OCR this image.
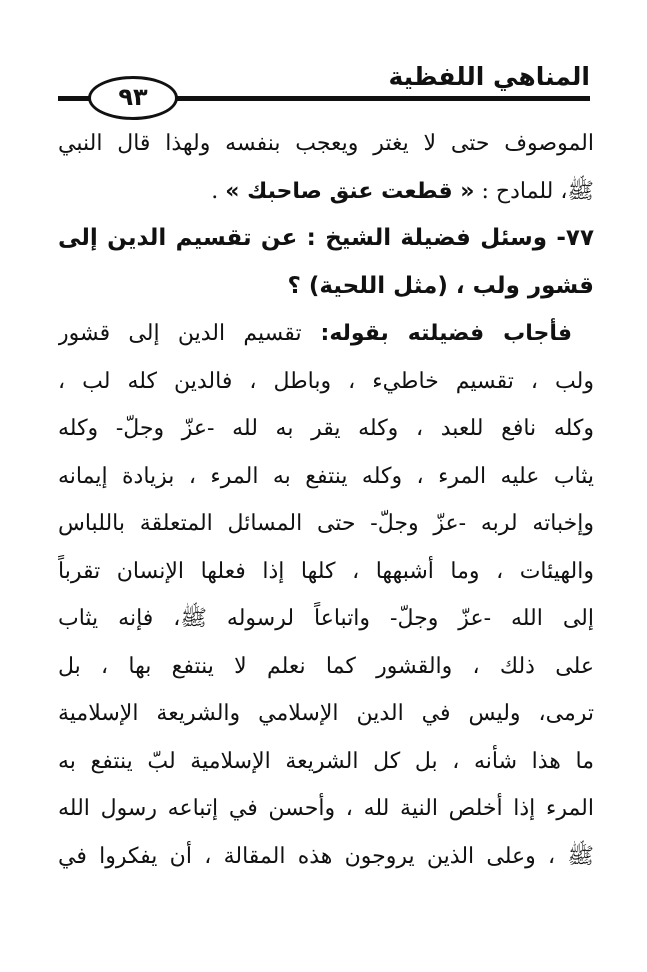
المناهي اللفظية
٩٣
الموصوف حتى لا يغتر ويعجب بنفسه ولهذا قال النبي
ﷺ، للمادح : « قطعت عنق صاحبك » .
٧٧- وسئل فضيلة الشيخ : عن تقسيم الدين إلى
قشور ولب ، (مثل اللحية) ؟
فأجاب فضيلته بقوله: تقسيم الدين إلى قشور
ولب ، تقسيم خاطيء ، وباطل ، فالدين كله لب ،
وكله نافع للعبد ، وكله يقر به لله -عزّ وجلّ- وكله
يثاب عليه المرء ، وكله ينتفع به المرء ، بزيادة إيمانه
وإخباته لربه -عزّ وجلّ- حتى المسائل المتعلقة باللباس
والهيئات ، وما أشبهها ، كلها إذا فعلها الإنسان تقرباً
إلى الله -عزّ وجلّ- واتباعاً لرسوله ﷺ، فإنه يثاب
على ذلك ، والقشور كما نعلم لا ينتفع بها ، بل
ترمى، وليس في الدين الإسلامي والشريعة الإسلامية
ما هذا شأنه ، بل كل الشريعة الإسلامية لبّ ينتفع به
المرء إذا أخلص النية لله ، وأحسن في إتباعه رسول الله
ﷺ ، وعلى الذين يروجون هذه المقالة ، أن يفكروا في
